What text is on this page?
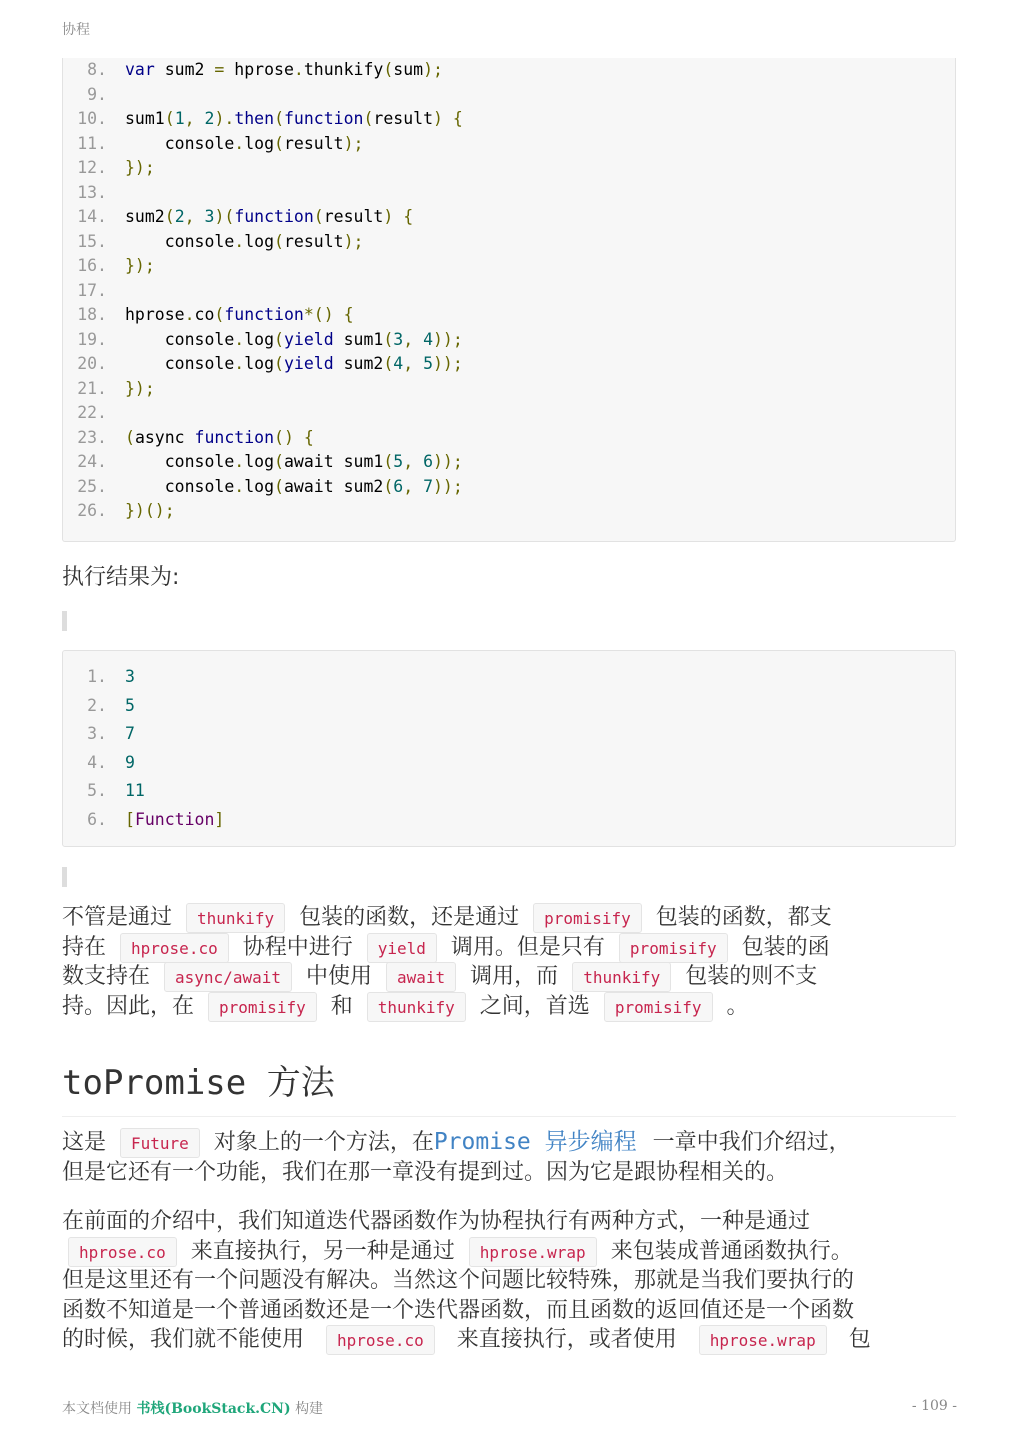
协程
8. var sum2 = hprose.thunkify(sum);
9.
10. sum1(1, 2).then(function(result) {
11. console.log(result);
12. });
13.
14. sum2(2, 3)(function(result) {
15. console.log(result);
16. });
17.
18. hprose.co(function*() {
19. console.log(yield sum1(3, 4));
20. console.log(yield sum2(4, 5));
21. });
22.
23. (async function() {
24. console.log(await sum1(5, 6));
25. console.log(await sum2(6, 7));
26. })();
执行结果为:
1. 3
2. 5
3. 7
4. 9
5. 11
6. [Function]
不管是通过 thunkify 包装的函数，还是通过 promisify 包装的函数，都支
持在 hprose.co 协程中进行 yield 调用。但是只有 promisify 包装的函
数支持在 async/await 中使用 await 调用，而 thunkify 包装的则不支
持。因此，在 promisify 和 thunkify 之间，首选 promisify 。
toPromise 方法
这是 Future 对象上的一个方法，在Promise 异步编程 一章中我们介绍过，
但是它还有一个功能，我们在那一章没有提到过。因为它是跟协程相关的。
在前面的介绍中，我们知道迭代器函数作为协程执行有两种方式，一种是通过
hprose.co 来直接执行，另一种是通过 hprose.wrap 来包装成普通函数执行。
但是这里还有一个问题没有解决。当然这个问题比较特殊，那就是当我们要执行的
函数不知道是一个普通函数还是一个迭代器函数，而且函数的返回值还是一个函数
的时候，我们就不能使用 hprose.co 来直接执行，或者使用 hprose.wrap 包
本文档使用 书栈(BookStack.CN) 构建	- 109 -
